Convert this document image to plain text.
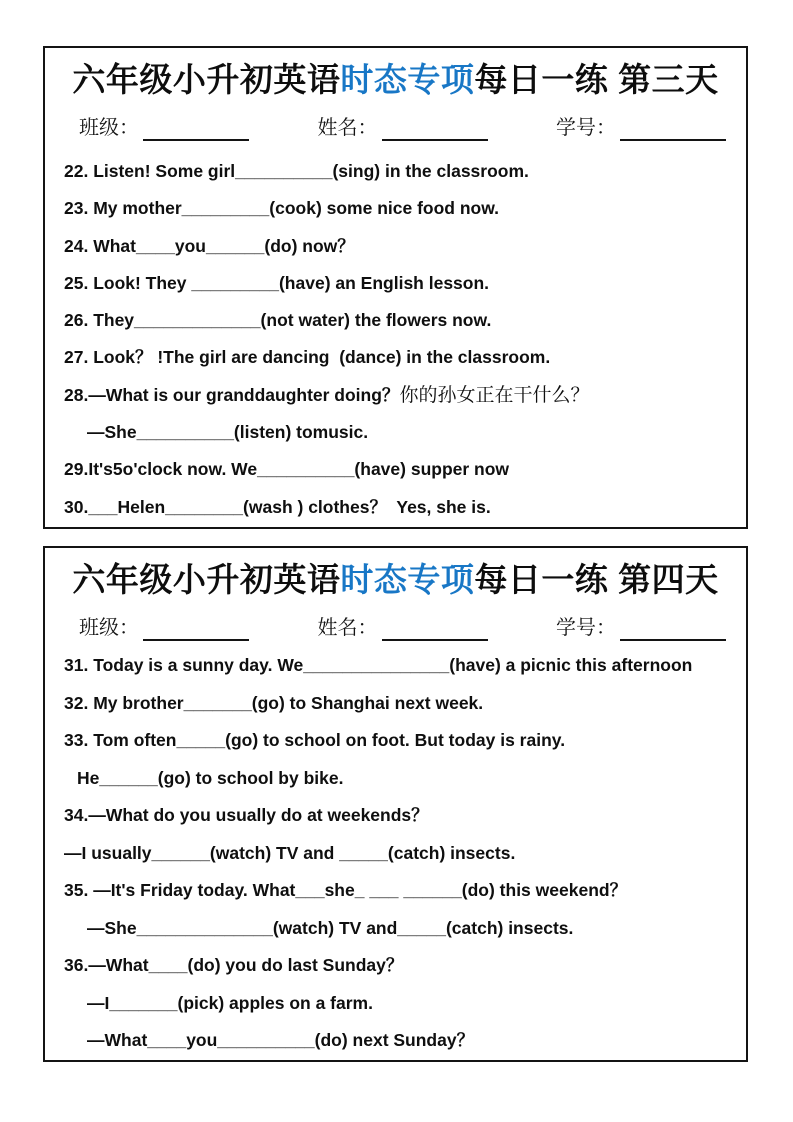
六年级小升初英语时态专项每日一练 第三天
班级：	姓名：	学号：
22. Listen! Some girl__________(sing) in the classroom.
23. My mother_________(cook) some nice food now.
24. What____you______(do) now？
25. Look! They _________(have) an English lesson.
26. They_____________(not water) the flowers now.
27. Look？ !The girl are dancing  (dance) in the classroom.
28.—What is our granddaughter doing？你的孙女正在干什么？
—She__________(listen) tomusic.
29.It's5o'clock now. We__________(have) supper now
30.___Helen________(wash ) clothes？  Yes, she is.
六年级小升初英语时态专项每日一练 第四天
班级：	姓名：	学号：
31. Today is a sunny day. We_______________(have) a picnic this afternoon
32. My brother_______(go) to Shanghai next week.
33. Tom often_____(go) to school on foot. But today is rainy.
He______(go) to school by bike.
34.—What do you usually do at weekends？
—I usually______(watch) TV and _____(catch) insects.
35. —It's Friday today. What___she_ ___ ______(do) this weekend？
—She______________(watch) TV and_____(catch) insects.
36.—What____(do) you do last Sunday？
—I_______(pick) apples on a farm.
—What____you__________(do) next Sunday？
